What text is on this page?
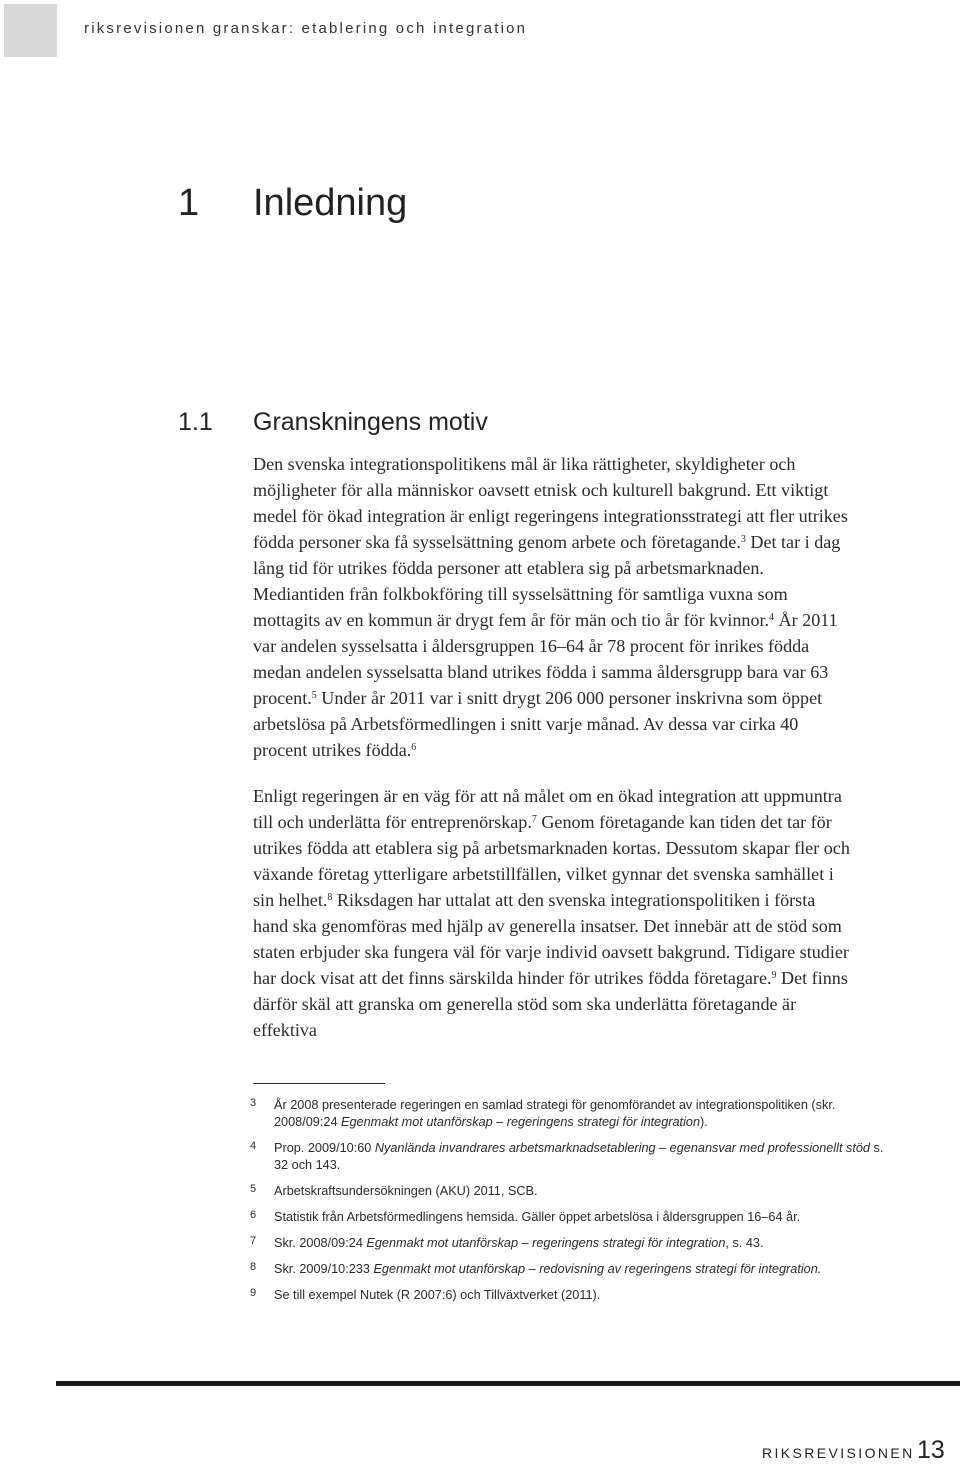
riksrevisionen granskar: etablering och integration
1 Inledning
1.1 Granskningens motiv

Den svenska integrationspolitikens mål är lika rättigheter, skyldigheter och möjligheter för alla människor oavsett etnisk och kulturell bakgrund. Ett viktigt medel för ökad integration är enligt regeringens integrationsstrategi att fler utrikes födda personer ska få sysselsättning genom arbete och företagande.$^3$ Det tar i dag lång tid för utrikes födda personer att etablera sig på arbetsmarknaden. Mediantiden från folkbokföring till sysselsättning för samtliga vuxna som mottagits av en kommun är drygt fem år för män och tio år för kvinnor.$^4$ År 2011 var andelen sysselsatta i åldersgruppen 16–64 år 78 procent för inrikes födda medan andelen sysselsatta bland utrikes födda i samma åldersgrupp bara var 63 procent.$^5$ Under år 2011 var i snitt drygt 206 000 personer inskrivna som öppet arbetslösa på Arbetsförmedlingen i snitt varje månad. Av dessa var cirka 40 procent utrikes födda.$^6$

Enligt regeringen är en väg för att nå målet om en ökad integration att uppmuntra till och underlätta för entreprenörskap.$^7$ Genom företagande kan tiden det tar för utrikes födda att etablera sig på arbetsmarknaden kortas. Dessutom skapar fler och växande företag ytterligare arbetstillfällen, vilket gynnar det svenska samhället i sin helhet.$^8$ Riksdagen har uttalat att den svenska integrationspolitiken i första hand ska genomföras med hjälp av generella insatser. Det innebär att de stöd som staten erbjuder ska fungera väl för varje individ oavsett bakgrund. Tidigare studier har dock visat att det finns särskilda hinder för utrikes födda företagare.$^9$ Det finns därför skäl att granska om generella stöd som ska underlätta företagande är effektiva

3	År 2008 presenterade regeringen en samlad strategi för genomförandet av integrationspolitiken (skr. 2008/09:24 Egenmakt mot utanförskap – regeringens strategi för integration).
4	Prop. 2009/10:60 Nyanlända invandrares arbetsmarknadsetablering – egenansvar med professionellt stöd s. 32 och 143.
5	Arbetskraftsundersökningen (AKU) 2011, SCB.
6	Statistik från Arbetsförmedlingens hemsida. Gäller öppet arbetslösa i åldersgruppen 16–64 år.
7	Skr. 2008/09:24 Egenmakt mot utanförskap – regeringens strategi för integration, s. 43.
8	Skr. 2009/10:233 Egenmakt mot utanförskap – redovisning av regeringens strategi för integration.
9	Se till exempel Nutek (R 2007:6) och Tillväxtverket (2011).
RIKSREVISIONEN 13
